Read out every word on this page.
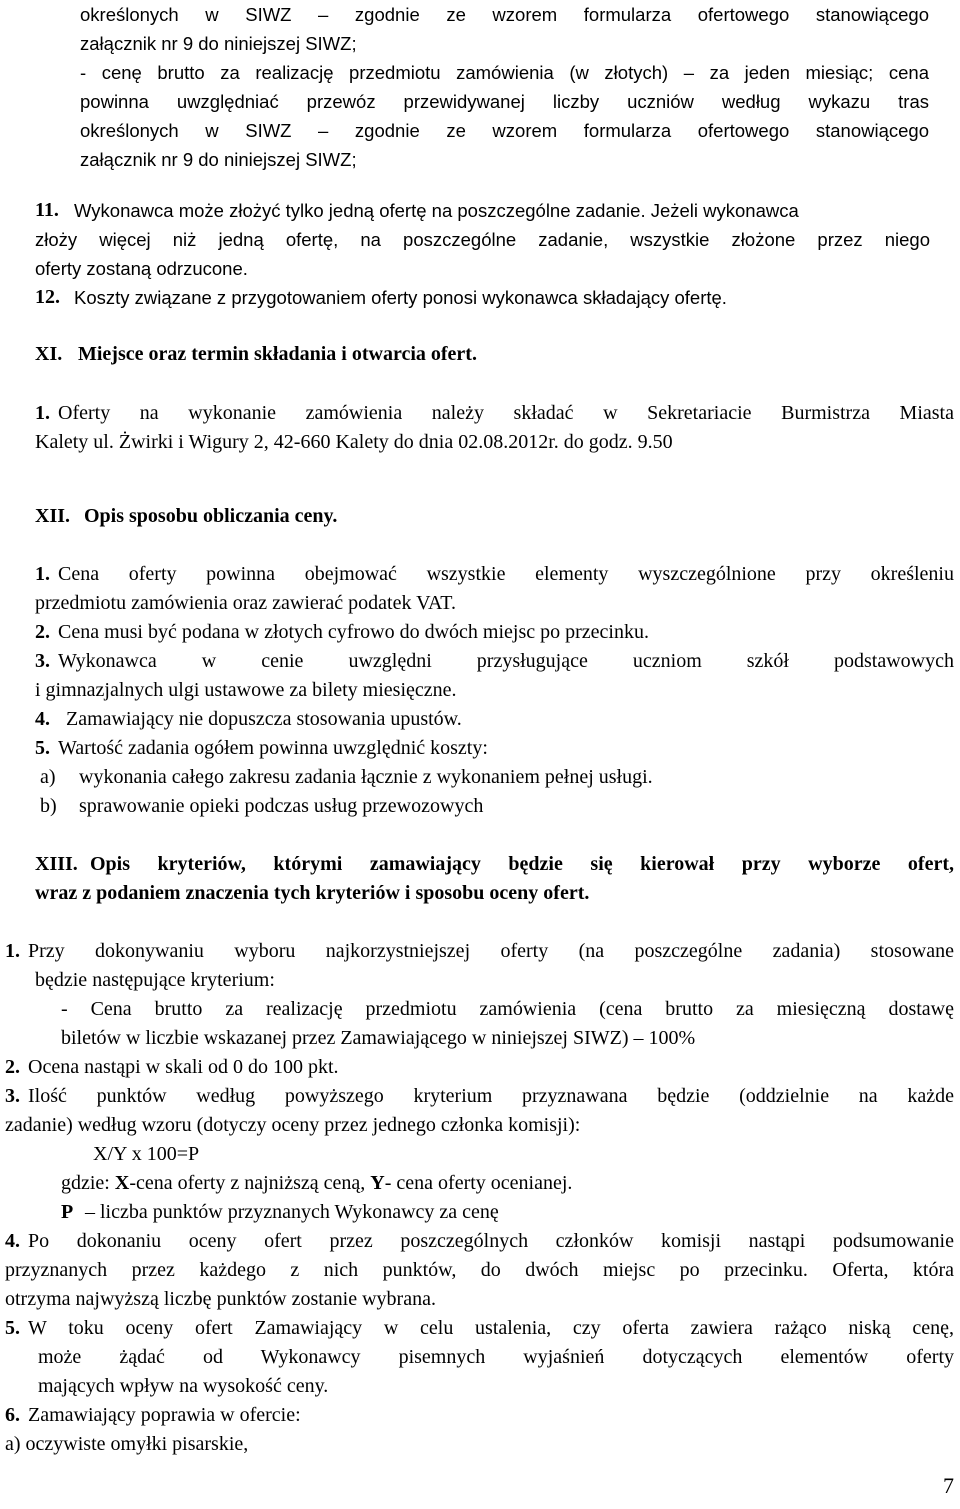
określonych w SIWZ – zgodnie ze wzorem formularza ofertowego stanowiącego
załącznik nr 9 do niniejszej SIWZ;
- cenę brutto za realizację przedmiotu zamówienia (w złotych) – za jeden miesiąc; cena
powinna uwzględniać przewóz przewidywanej liczby uczniów według wykazu tras
określonych w SIWZ – zgodnie ze wzorem formularza ofertowego stanowiącego
załącznik nr 9 do niniejszej SIWZ;
11. Wykonawca może złożyć tylko jedną ofertę na poszczególne zadanie. Jeżeli wykonawca
złoży więcej niż jedną ofertę, na poszczególne zadanie, wszystkie złożone przez niego
oferty zostaną odrzucone.
12. Koszty związane z przygotowaniem oferty ponosi wykonawca składający ofertę.
XI. Miejsce oraz termin składania i otwarcia ofert.
1. Oferty na wykonanie zamówienia należy składać w Sekretariacie Burmistrza Miasta
Kalety ul. Żwirki i Wigury 2, 42-660 Kalety do dnia 02.08.2012r. do godz. 9.50
XII. Opis sposobu obliczania ceny.
1. Cena oferty powinna obejmować wszystkie elementy wyszczególnione przy określeniu
przedmiotu zamówienia oraz zawierać podatek VAT.
2. Cena musi być podana w złotych cyfrowo do dwóch miejsc po przecinku.
3. Wykonawca w cenie uwzględni przysługujące uczniom szkół podstawowych
i gimnazjalnych ulgi ustawowe za bilety miesięczne.
4. Zamawiający nie dopuszcza stosowania upustów.
5. Wartość zadania ogółem powinna uwzględnić koszty:
a) wykonania całego zakresu zadania łącznie z wykonaniem pełnej usługi.
b) sprawowanie opieki podczas usług przewozowych
XIII. Opis kryteriów, którymi zamawiający będzie się kierował przy wyborze ofert,
wraz z podaniem znaczenia tych kryteriów i sposobu oceny ofert.
1. Przy dokonywaniu wyboru najkorzystniejszej oferty (na poszczególne zadania) stosowane
będzie następujące kryterium:
- Cena brutto za realizację przedmiotu zamówienia (cena brutto za miesięczną dostawę
biletów w liczbie wskazanej przez Zamawiającego w niniejszej SIWZ) – 100%
2. Ocena nastąpi w skali od 0 do 100 pkt.
3. Ilość punktów według powyższego kryterium przyznawana będzie (oddzielnie na każde
zadanie) według wzoru (dotyczy oceny przez jednego członka komisji):
X/Y x 100=P
gdzie: X-cena oferty z najniższą ceną, Y- cena oferty ocenianej.
P – liczba punktów przyznanych Wykonawcy za cenę
4. Po dokonaniu oceny ofert przez poszczególnych członków komisji nastąpi podsumowanie
przyznanych przez każdego z nich punktów, do dwóch miejsc po przecinku. Oferta, która
otrzyma najwyższą liczbę punktów zostanie wybrana.
5. W toku oceny ofert Zamawiający w celu ustalenia, czy oferta zawiera rażąco niską cenę,
może żądać od Wykonawcy pisemnych wyjaśnień dotyczących elementów oferty
mających wpływ na wysokość ceny.
6. Zamawiający poprawia w ofercie:
a) oczywiste omyłki pisarskie,
7
